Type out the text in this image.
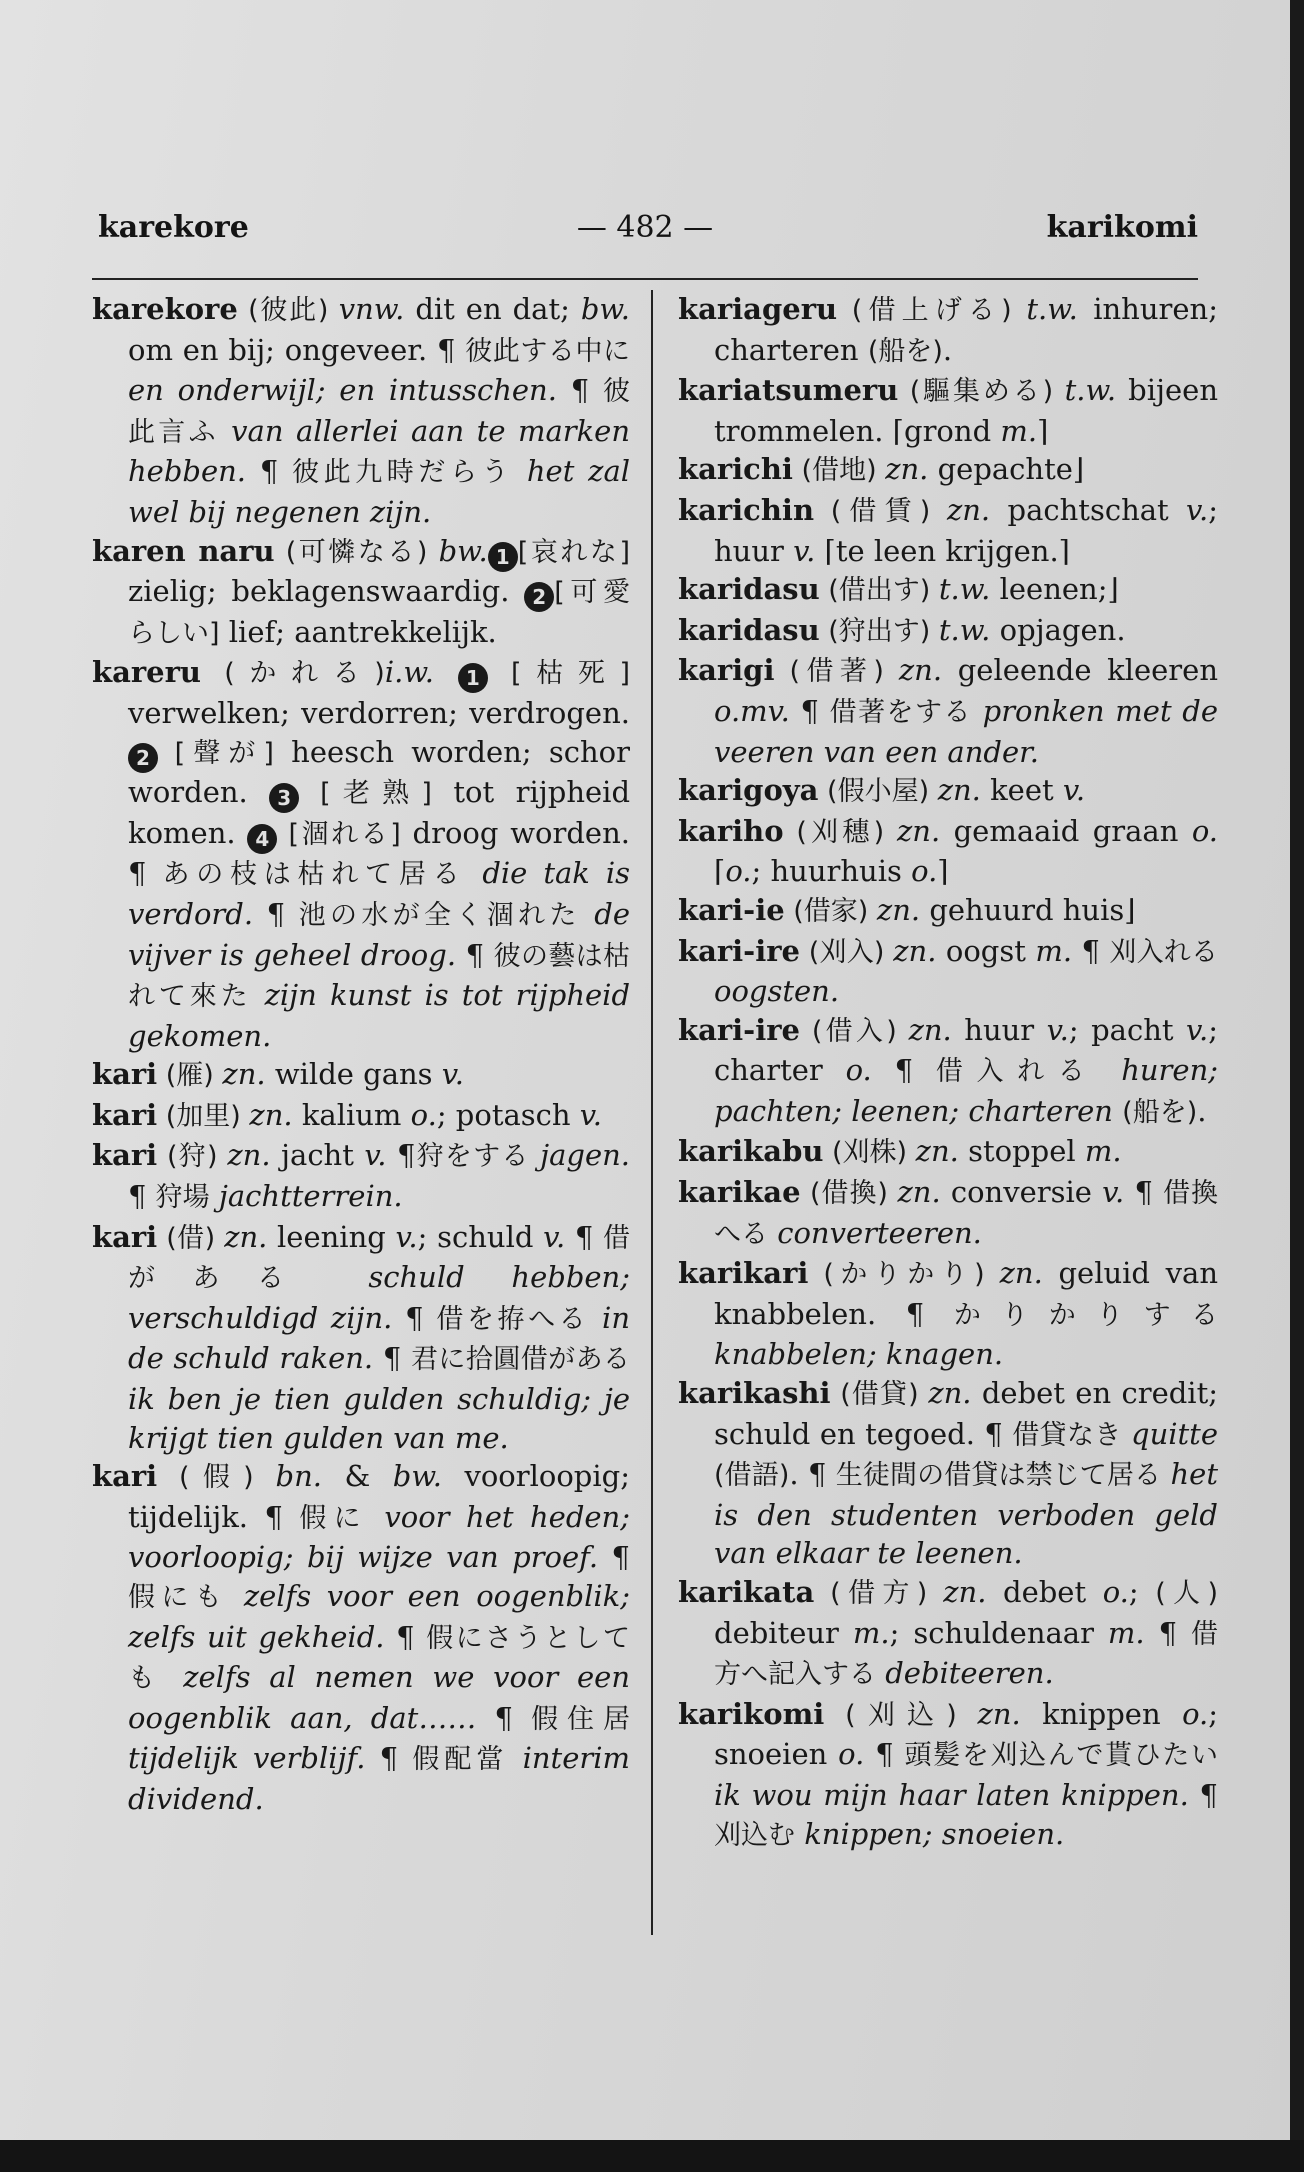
karekore	— 482 —	karikomi
karekore (彼此) vnw. dit en dat; bw. om en bij; ongeveer. ¶ 彼此する中に en onderwijl; en intusschen. ¶ 彼此言ふ van allerlei aan te marken hebben. ¶ 彼此九時だらう het zal wel bij negenen zijn.
karen naru (可憐なる) bw. 1 [哀れな] zielig; beklagenswaardig. 2 [可愛らしい] lief; aantrekkelijk.
kareru (かれる)i.w. 1 [枯死] verwelken; verdorren; verdrogen. 2 [聲が] heesch worden; schor worden. 3 [老熟] tot rijpheid komen. 4 [涸れる] droog worden. ¶ あの枝は枯れて居る die tak is verdord. ¶ 池の水が全く涸れた de vijver is geheel droog. ¶ 彼の藝は枯れて來た zijn kunst is tot rijpheid gekomen.
kari (雁) zn. wilde gans v.
kari (加里) zn. kalium o.; potasch v.
kari (狩) zn. jacht v. ¶狩をする jagen. ¶ 狩場 jachtterrein.
kari (借) zn. leening v.; schuld v. ¶ 借がある schuld hebben; verschuldigd zijn. ¶ 借を拵へる in de schuld raken. ¶ 君に拾圓借がある ik ben je tien gulden schuldig; je krijgt tien gulden van me.
kari (假) bn. & bw. voorloopig; tijdelijk. ¶ 假に voor het heden; voorloopig; bij wijze van proef. ¶ 假にも zelfs voor een oogenblik; zelfs uit gekheid. ¶ 假にさうとしても zelfs al nemen we voor een oogenblik aan, dat…… ¶ 假住居 tijdelijk verblijf. ¶ 假配當 interim dividend.
kariageru (借上げる) t.w. inhuren; charteren (船を).
kariatsumeru (驅集める) t.w. bijeen trommelen. ⌈grond m.⌉
karichi (借地) zn. gepachte⌋
karichin (借賃) zn. pachtschat v.; huur v. ⌈te leen krijgen.⌉
karidasu (借出す) t.w. leenen;⌋
karidasu (狩出す) t.w. opjagen.
karigi (借著) zn. geleende kleeren o.mv. ¶ 借著をする pronken met de veeren van een ander.
karigoya (假小屋) zn. keet v.
kariho (刈穗) zn. gemaaid graan o. ⌈o.; huurhuis o.⌉
kari-ie (借家) zn. gehuurd huis⌋
kari-ire (刈入) zn. oogst m. ¶ 刈入れる oogsten.
kari-ire (借入) zn. huur v.; pacht v.; charter o. ¶ 借入れる huren; pachten; leenen; charteren (船を).
karikabu (刈株) zn. stoppel m.
karikae (借換) zn. conversie v. ¶ 借換へる converteeren.
karikari (かりかり) zn. geluid van knabbelen. ¶ かりかりする knabbelen; knagen.
karikashi (借貸) zn. debet en credit; schuld en tegoed. ¶ 借貸なき quitte (借語). ¶ 生徒間の借貸は禁じて居る het is den studenten verboden geld van elkaar te leenen.
karikata (借方) zn. debet o.; (人) debiteur m.; schuldenaar m. ¶ 借方へ記入する debiteeren.
karikomi (刈込) zn. knippen o.; snoeien o. ¶ 頭髪を刈込んで貰ひたい ik wou mijn haar laten knippen. ¶ 刈込む knippen; snoeien.
